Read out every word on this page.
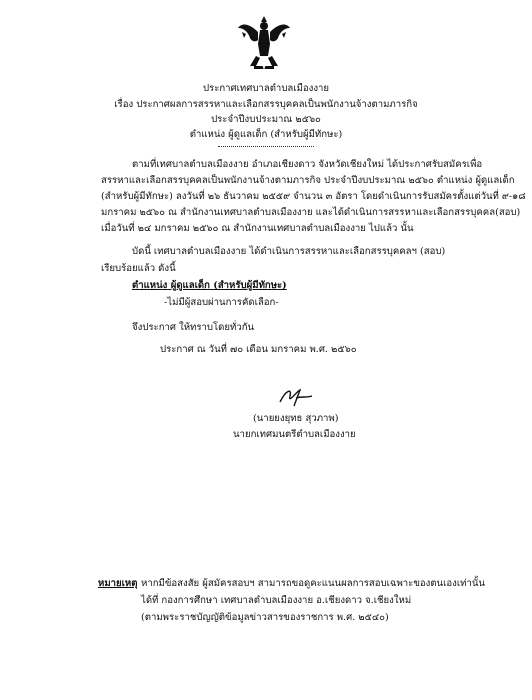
ประกาศเทศบาลตำบลเมืองงาย
เรื่อง ประกาศผลการสรรหาและเลือกสรรบุคคลเป็นพนักงานจ้างตามภารกิจ
ประจำปีงบประมาณ ๒๕๖๐
ตำแหน่ง ผู้ดูแลเด็ก (สำหรับผู้มีทักษะ)
ตามที่เทศบาลตำบลเมืองงาย อำเภอเชียงดาว จังหวัดเชียงใหม่ ได้ประกาศรับสมัครเพื่อ
สรรหาและเลือกสรรบุคคลเป็นพนักงานจ้างตามภารกิจ ประจำปีงบประมาณ ๒๕๖๐ ตำแหน่ง ผู้ดูแลเด็ก
(สำหรับผู้มีทักษะ) ลงวันที่ ๒๖ ธันวาคม ๒๕๕๙ จำนวน ๓ อัตรา โดยดำเนินการรับสมัครตั้งแต่วันที่ ๙-๑๘
มกราคม ๒๕๖๐ ณ สำนักงานเทศบาลตำบลเมืองงาย และได้ดำเนินการสรรหาและเลือกสรรบุคคล(สอบ)
เมื่อวันที่ ๒๔ มกราคม ๒๕๖๐ ณ สำนักงานเทศบาลตำบลเมืองงาย ไปแล้ว นั้น
บัดนี้ เทศบาลตำบลเมืองงาย ได้ดำเนินการสรรหาและเลือกสรรบุคคลฯ (สอบ)
เรียบร้อยแล้ว ดังนี้
ตำแหน่ง ผู้ดูแลเด็ก (สำหรับผู้มีทักษะ)
-ไม่มีผู้สอบผ่านการคัดเลือก-
จึงประกาศ ให้ทราบโดยทั่วกัน
ประกาศ ณ วันที่ ๗๐ เดือน มกราคม พ.ศ. ๒๕๖๐
(นายยงยุทธ สุวภาพ)
นายกเทศมนตรีตำบลเมืองงาย
หมายเหตุ หากมีข้อสงสัย ผู้สมัครสอบฯ สามารถขอดูคะแนนผลการสอบเฉพาะของตนเองเท่านั้น
ได้ที่ กองการศึกษา เทศบาลตำบลเมืองงาย อ.เชียงดาว จ.เชียงใหม่
(ตามพระราชบัญญัติข้อมูลข่าวสารของราชการ พ.ศ. ๒๕๔๐)
